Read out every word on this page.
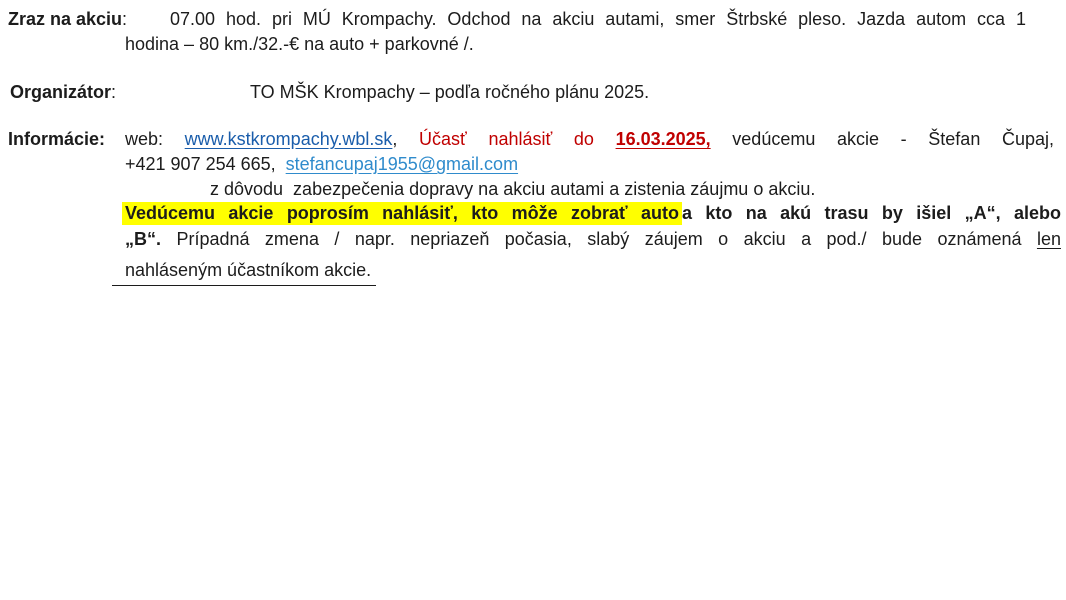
Zraz na akciu: 07.00 hod. pri MÚ Krompachy. Odchod na akciu autami, smer Štrbské pleso. Jazda autom cca 1
hodina – 80 km./32.-€ na auto + parkovné /.
Organizátor:	TO MŠK Krompachy – podľa ročného plánu 2025.
Informácie: web: www.kstkrompachy.wbl.sk, Účasť nahlásiť do 16.03.2025, vedúcemu akcie - Štefan Čupaj,
+421 907 254 665,  stefancupaj1955@gmail.com
z dôvodu  zabezpečenia dopravy na akciu autami a zistenia záujmu o akciu.
Vedúcemu akcie poprosím nahlásiť, kto môže zobrať auto a kto na akú trasu by išiel „A“, alebo
„B“. Prípadná zmena / napr. nepriazeň počasia, slabý záujem o akciu a pod./ bude oznámená len
nahláseným účastníkom akcie.
